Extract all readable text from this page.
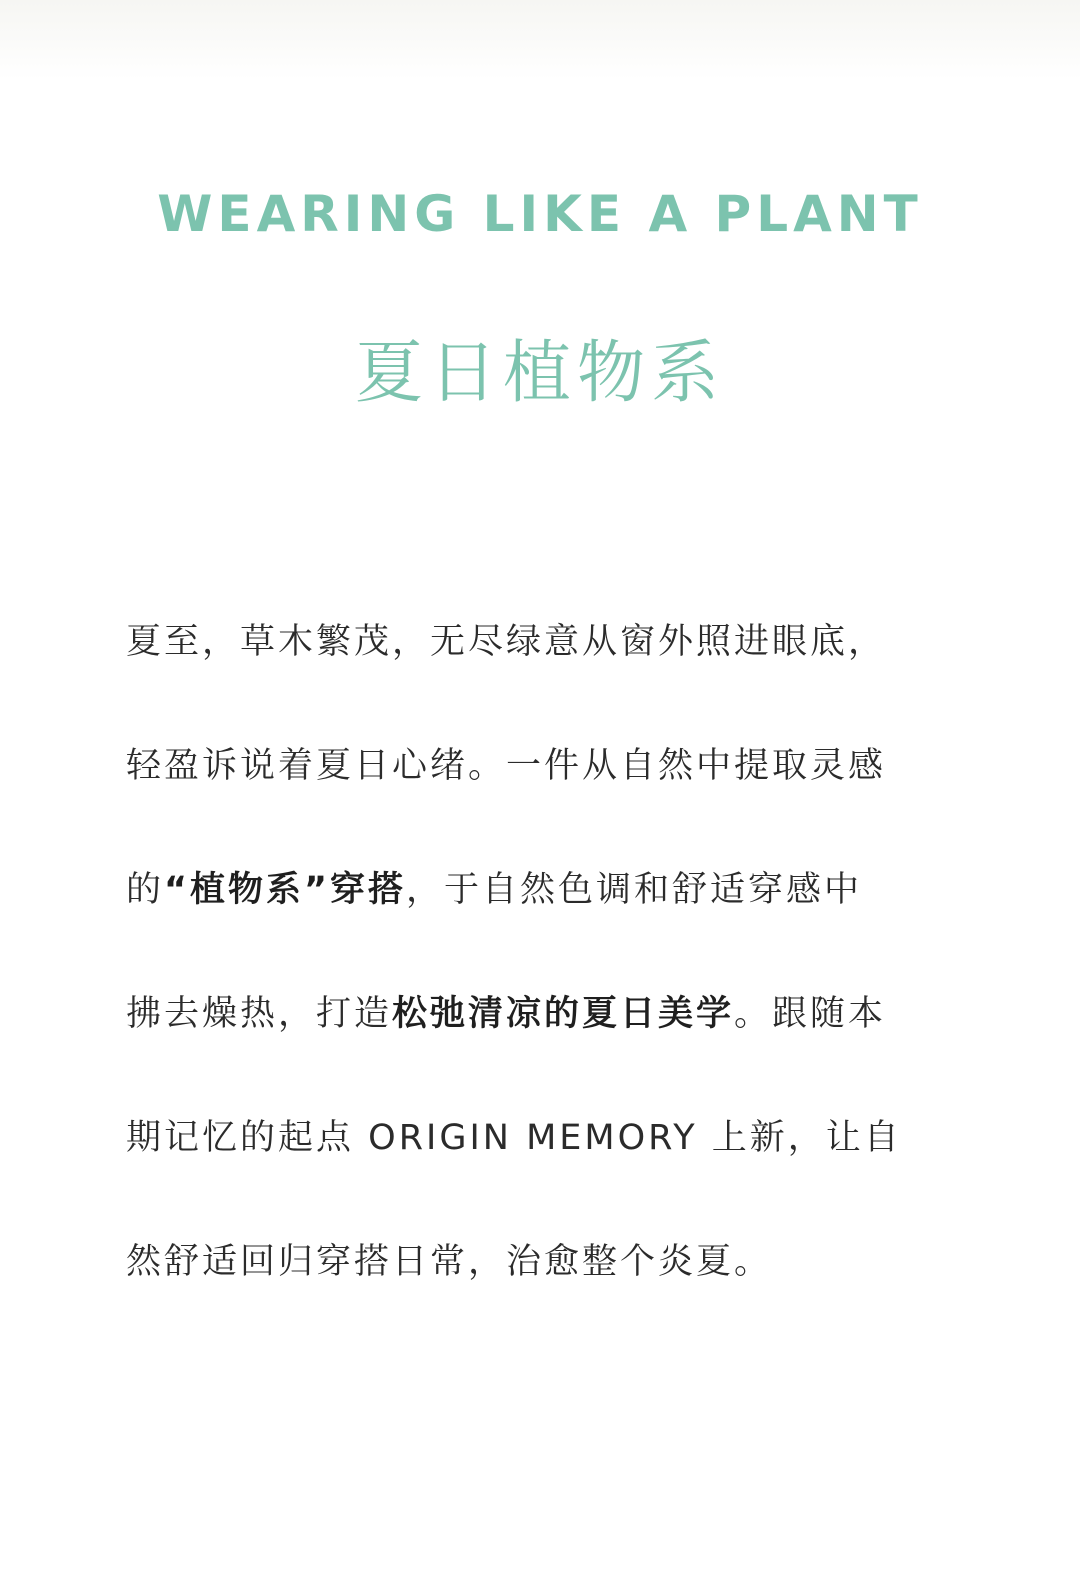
WEARING LIKE A PLANT
夏日植物系
夏至，草木繁茂，无尽绿意从窗外照进眼底，
轻盈诉说着夏日心绪。一件从自然中提取灵感
的“植物系”穿搭，于自然色调和舒适穿感中
拂去燥热，打造松弛清凉的夏日美学。跟随本
期记忆的起点 ORIGIN MEMORY 上新，让自
然舒适回归穿搭日常，治愈整个炎夏。
